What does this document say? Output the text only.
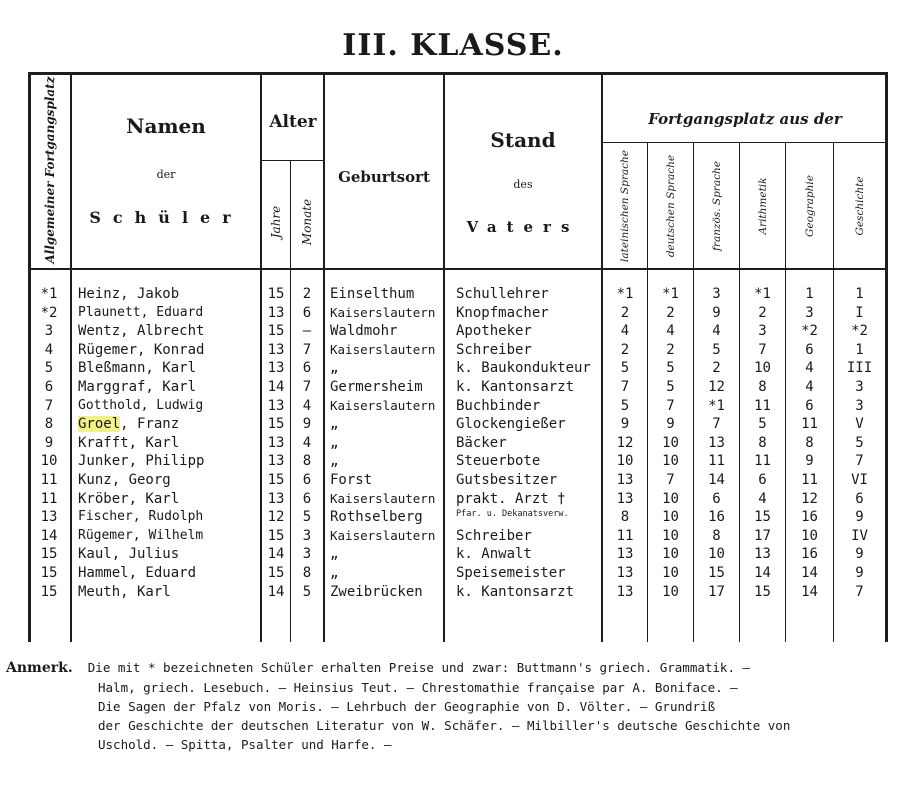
III. KLASSE.
Allgemeiner Fortgangsplatz	Namen
der
Schüler
Alter
Jahre Monate
Geburtsort
Stand
des
Vaters
Fortgangsplatz aus der
lateinischen Sprache	deutschen Sprache	französ. Sprache	Arithmetik	Geographie	Geschichte
*1	Heinz, Jakob	15	2	Einselthum	Schullehrer	*1	*1	3	*1	1	1
*2	Plaunett, Eduard	13	6	Kaiserslautern	Knopfmacher	2	2	9	2	3	I
3	Wentz, Albrecht	15	—	Waldmohr	Apotheker	4	4	4	3	*2	*2
4	Rügemer, Konrad	13	7	Kaiserslautern	Schreiber	2	2	5	7	6	1
5	Bleßmann, Karl	13	6	„	k. Baukondukteur	5	5	2	10	4	III
6	Marggraf, Karl	14	7	Germersheim	k. Kantonsarzt	7	5	12	8	4	3
7	Gotthold, Ludwig	13	4	Kaiserslautern	Buchbinder	5	7	*1	11	6	3
8	Groel, Franz	15	9	„	Glockengießer	9	9	7	5	11	V
9	Krafft, Karl	13	4	„	Bäcker	12	10	13	8	8	5
10	Junker, Philipp	13	8	„	Steuerbote	10	10	11	11	9	7
11	Kunz, Georg	15	6	Forst	Gutsbesitzer	13	7	14	6	11	VI
11	Kröber, Karl	13	6	Kaiserslautern	prakt. Arzt †	13	10	6	4	12	6
13	Fischer, Rudolph	12	5	Rothselberg	Pfar. u. Dekanatsverw.	8	10	16	15	16	9
14	Rügemer, Wilhelm	15	3	Kaiserslautern	Schreiber	11	10	8	17	10	IV
15	Kaul, Julius	14	3	„	k. Anwalt	13	10	10	13	16	9
15	Hammel, Eduard	15	8	„	Speisemeister	13	10	15	14	14	9
15	Meuth, Karl	14	5	Zweibrücken	k. Kantonsarzt	13	10	17	15	14	7
Anmerk. Die mit * bezeichneten Schüler erhalten Preise und zwar: Buttmann's griech. Grammatik. —
Halm, griech. Lesebuch. — Heinsius Teut. — Chrestomathie française par A. Boniface. —
Die Sagen der Pfalz von Moris. — Lehrbuch der Geographie von D. Völter. — Grundriß
der Geschichte der deutschen Literatur von W. Schäfer. — Milbiller's deutsche Geschichte von
Uschold. — Spitta, Psalter und Harfe. —
